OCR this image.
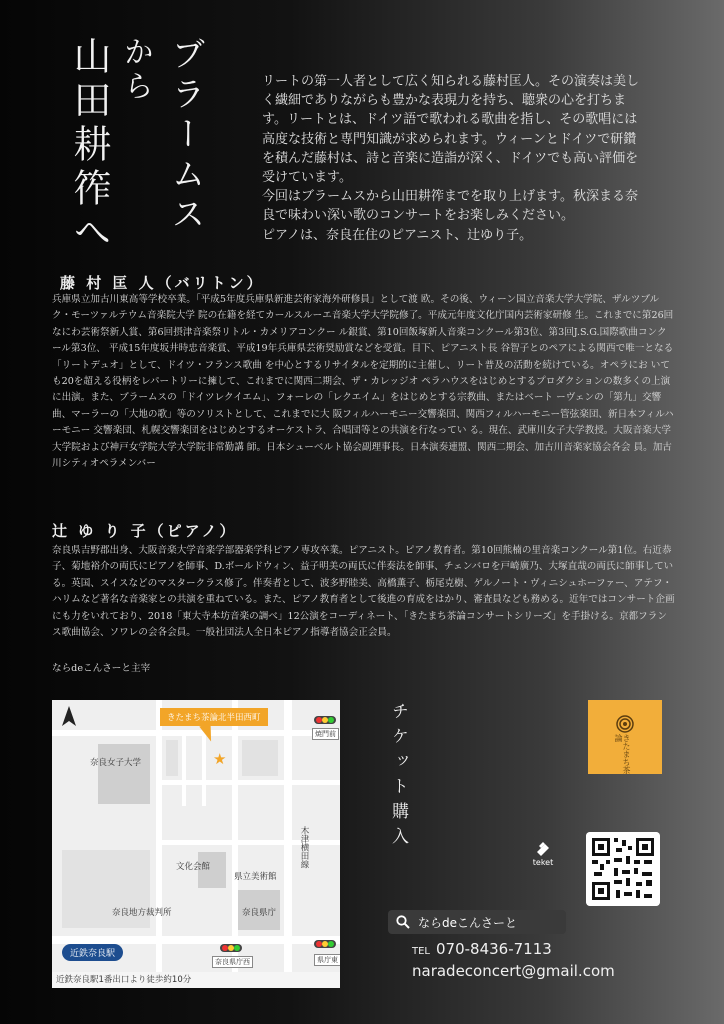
ブラームス
から
山田耕筰へ	リートの第一人者として広く知られる藤村匡人。その演奏は美しく繊細でありながらも豊かな表現力を持ち、聴衆の心を打ちます。リートとは、ドイツ語で歌われる歌曲を指し、その歌唱には高度な技術と専門知識が求められます。ウィーンとドイツで研鑽を積んだ藤村は、詩と音楽に造詣が深く、ドイツでも高い評価を受けています。

今回はブラームスから山田耕筰までを取り上げます。秋深まる奈良で味わい深い歌のコンサートをお楽しみください。

ピアノは、奈良在住のピアニスト、辻ゆり子。

藤 村 匡 人（バリトン）

兵庫県立加古川東高等学校卒業。「平成5年度兵庫県新進芸術家海外研修員」として渡 欧。その後、ウィーン国立音楽大学大学院、ザルツブルク・モーツァルテウム音楽院大学 院の在籍を経てカールスルーエ音楽大学大学院修了。平成元年度文化庁国内芸術家研修 生。これまでに第26回なにわ芸術祭新人賞、第6回摂津音楽祭リトル・カメリアコンクー ル銀賞、第10回飯塚新人音楽コンクール第3位、第3回J.S.G.国際歌曲コンクール第3位、 平成15年度坂井時忠音楽賞、平成19年兵庫県芸術奨励賞などを受賞。目下、ピアニスト長 谷智子とのペアによる関西で唯一となる「リートデュオ」として、ドイツ・フランス歌曲 を中心とするリサイタルを定期的に主催し、リート普及の活動を続けている。オペラにお いても20を超える役柄をレパートリーに擁して、これまでに関西二期会、ザ・カレッジオ ペラハウスをはじめとするプロダクションの数多くの上演に出演。また、ブラームスの「ドイツレクイエム」、フォーレの「レクエイム」をはじめとする宗教曲、またはベート ーヴェンの「第九」交響曲、マーラーの「大地の歌」等のソリストとして、これまでに大 阪フィルハーモニー交響楽団、関西フィルハーモニー管弦楽団、新日本フィルハーモニー 交響楽団、札幌交響楽団をはじめとするオーケストラ、合唱団等との共演を行なってい る。現在、武庫川女子大学教授。大阪音楽大学大学院および神戸女学院大学大学院非常勤講 師。日本シューベルト協会副理事長。日本演奏連盟、関西二期会、加古川音楽家協会各会 員。加古川シティオペラメンバー

辻 ゆ り 子（ピアノ）

奈良県吉野郡出身、大阪音楽大学音楽学部器楽学科ピアノ専攻卒業。ピアニスト。ピアノ教育者。第10回熊楠の里音楽コンクール第1位。右近恭子、菊地裕介の両氏にピアノを師事、D.ボールドウィン、益子明美の両氏に伴奏法を師事、チェンバロを戸崎廣乃、大塚直哉の両氏に師事している。英国、スイスなどのマスタークラス修了。伴奏者として、波多野睦美、高橋薫子、栃尾克樹、ゲルノート・ヴィニシュホーファー、アテフ・ハリムなど著名な音楽家との共演を重ねている。また、ピアノ教育者として後進の育成をはかり、審査員なども務める。近年ではコンサート企画にも力をいれており、2018「東大寺本坊音楽の調べ」12公演をコーディネート、「きたまち茶論コンサートシリーズ」を手掛ける。京都フランス歌曲協会、ソワレの会各会員。一般社団法人全日本ピアノ指導者協会正会員。

ならdeこんさーと主宰

きたまち茶論北半田西町
★
奈良女子大学
文化会館
県立美術館
奈良地方裁判所	奈良県庁
木津横田線
焼門前
奈良県庁西	県庁東
近鉄奈良駅
近鉄奈良駅1番出口より徒歩約10分
チケット購入	きたまち茶論
teket
ならdeこんさーと

TEL 070-8436-7113

naradeconcert@gmail.com
